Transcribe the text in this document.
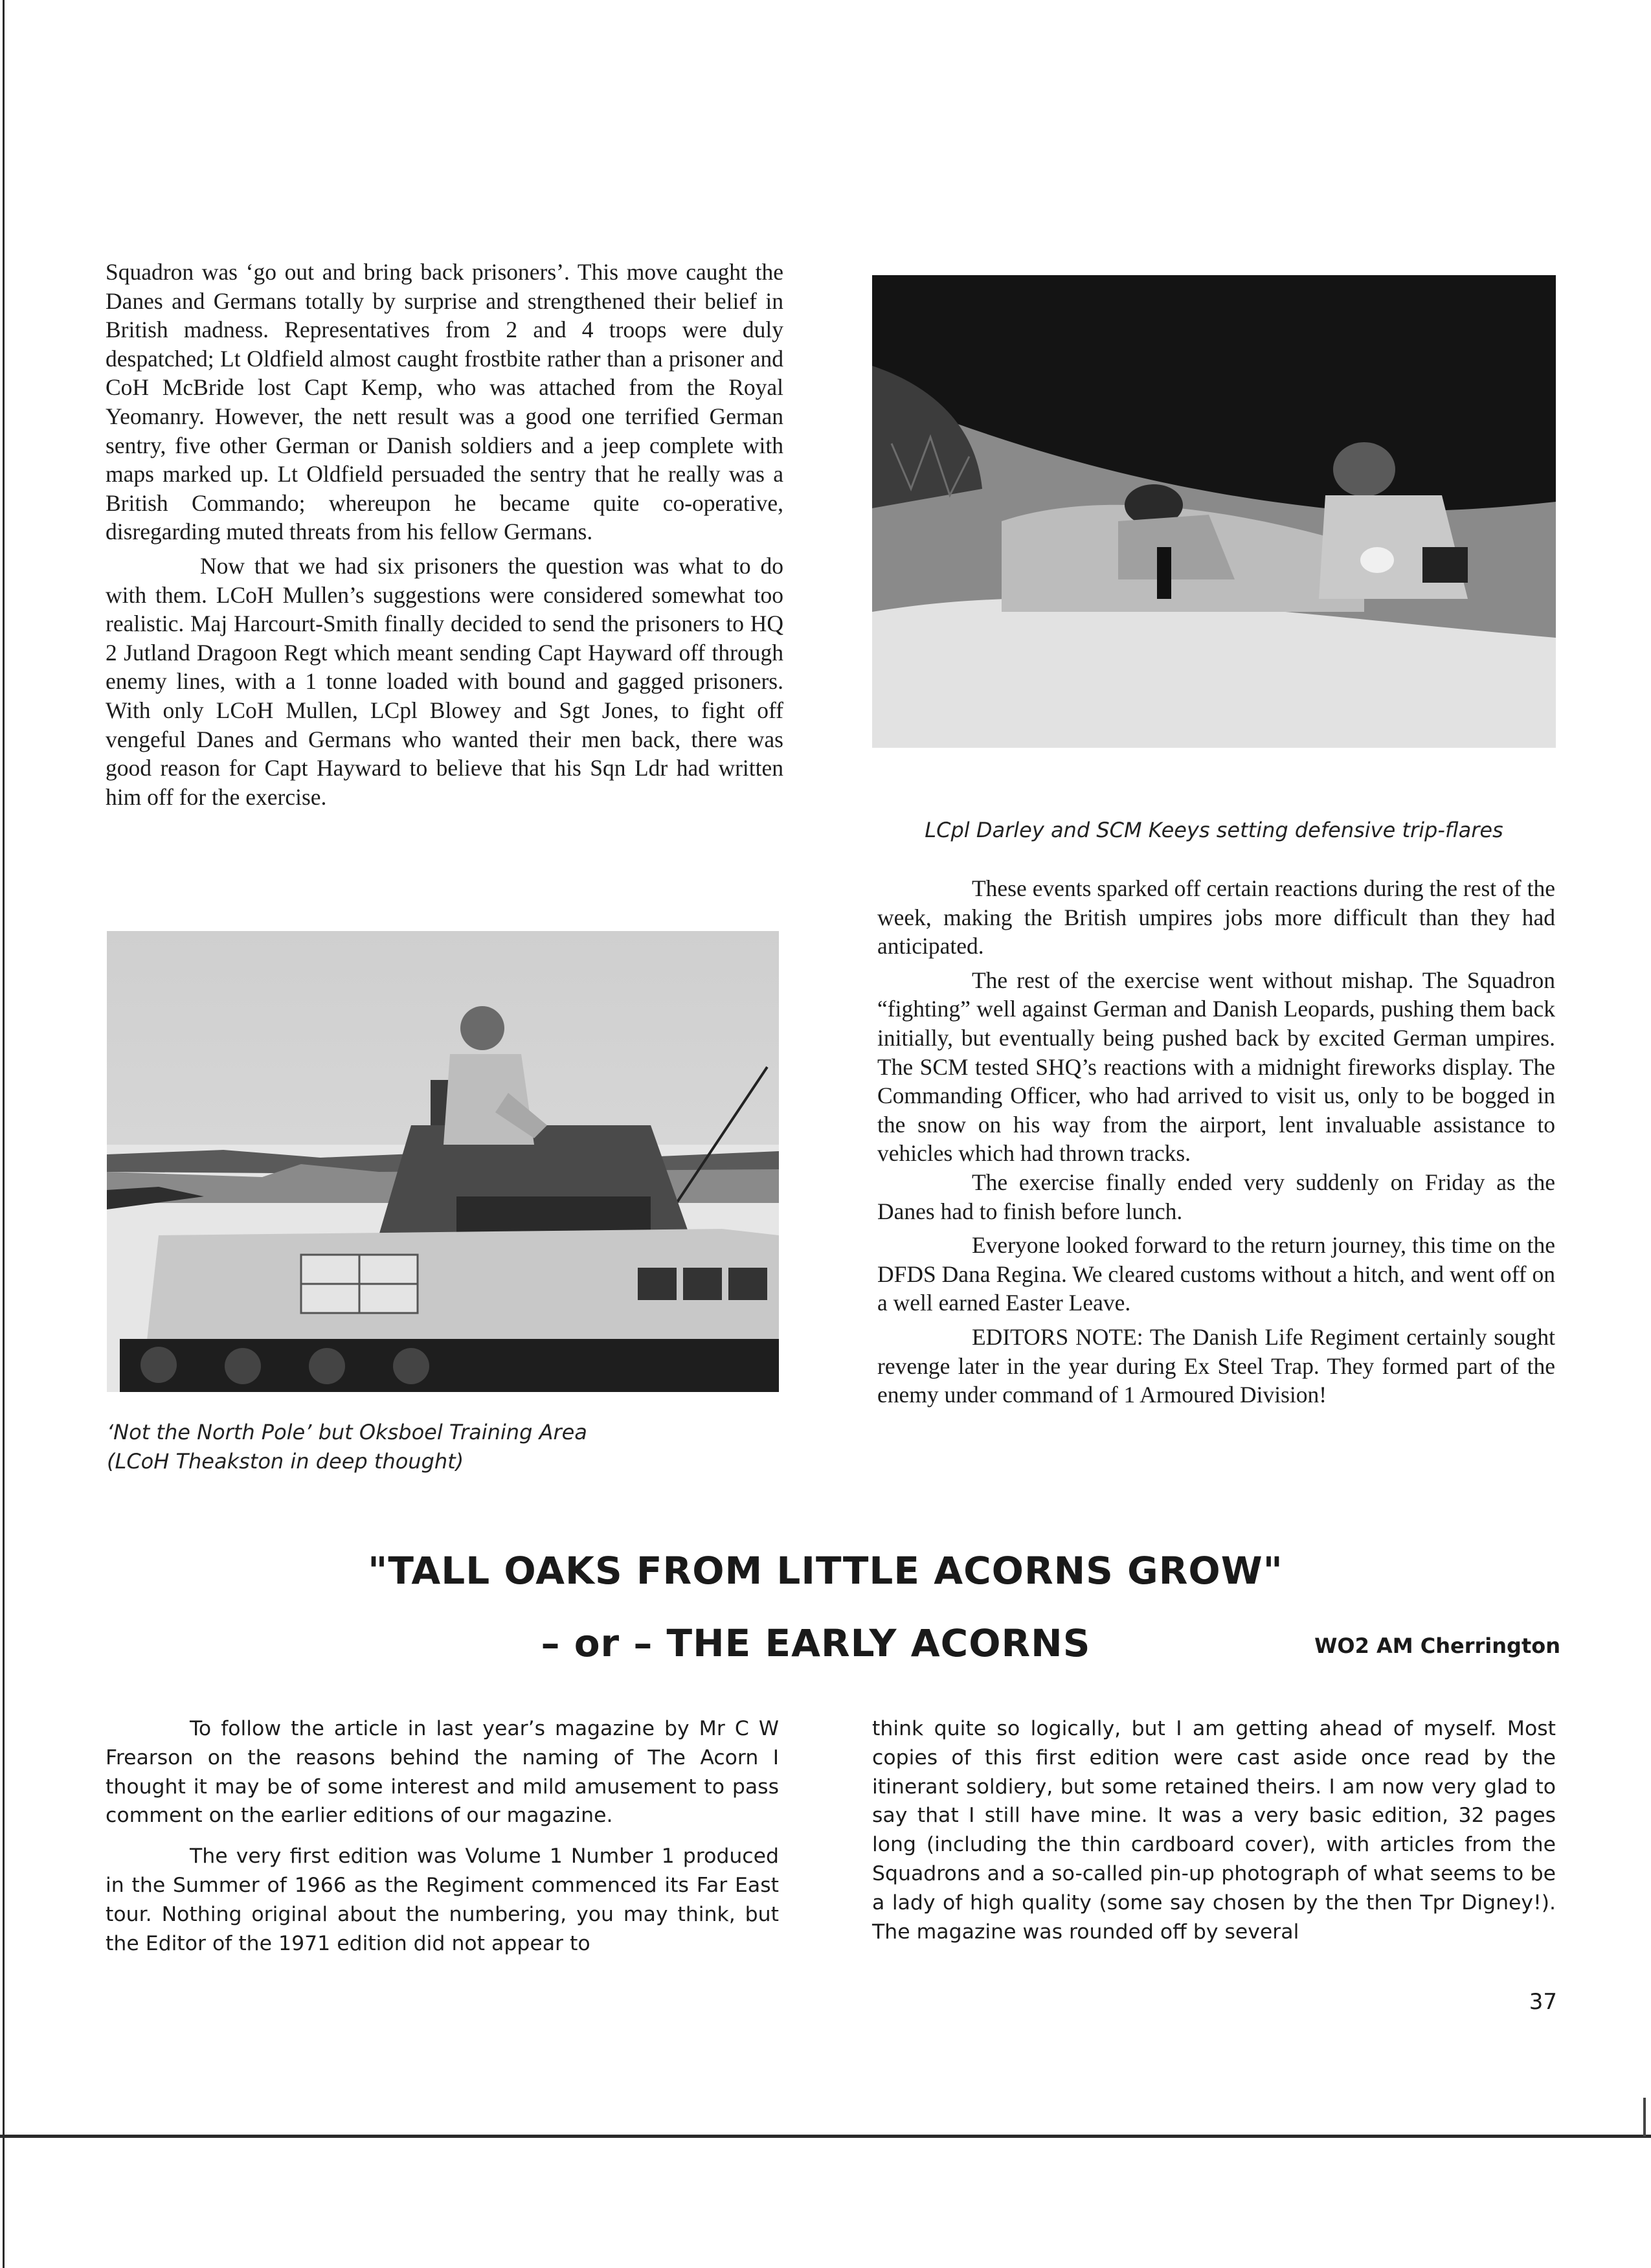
Squadron was ‘go out and bring back prisoners’. This move caught the Danes and Germans totally by surprise and strengthened their belief in British madness. Representatives from 2 and 4 troops were duly despatched; Lt Oldfield almost caught frostbite rather than a prisoner and CoH McBride lost Capt Kemp, who was attached from the Royal Yeomanry. However, the nett result was a good one terrified German sentry, five other German or Danish soldiers and a jeep complete with maps marked up. Lt Oldfield persuaded the sentry that he really was a British Commando; whereupon he became quite co-operative, disregarding muted threats from his fellow Germans.

Now that we had six prisoners the question was what to do with them. LCoH Mullen’s suggestions were considered somewhat too realistic. Maj Harcourt-Smith finally decided to send the prisoners to HQ 2 Jutland Dragoon Regt which meant sending Capt Hayward off through enemy lines, with a 1 tonne loaded with bound and gagged prisoners. With only LCoH Mullen, LCpl Blowey and Sgt Jones, to fight off vengeful Danes and Germans who wanted their men back, there was good reason for Capt Hayward to believe that his Sqn Ldr had written him off for the exercise.

‘Not the North Pole’ but Oksboel Training Area
(LCoH Theakston in deep thought)
LCpl Darley and SCM Keeys setting defensive trip-flares

These events sparked off certain reactions during the rest of the week, making the British umpires jobs more difficult than they had anticipated.

The rest of the exercise went without mishap. The Squadron “fighting” well against German and Danish Leopards, pushing them back initially, but eventually being pushed back by excited German umpires. The SCM tested SHQ’s reactions with a midnight fireworks display. The Commanding Officer, who had arrived to visit us, only to be bogged in the snow on his way from the airport, lent invaluable assistance to vehicles which had thrown tracks.

The exercise finally ended very suddenly on Friday as the Danes had to finish before lunch.

Everyone looked forward to the return journey, this time on the DFDS Dana Regina. We cleared customs without a hitch, and went off on a well earned Easter Leave.

EDITORS NOTE: The Danish Life Regiment certainly sought revenge later in the year during Ex Steel Trap. They formed part of the enemy under command of 1 Armoured Division!

"TALL OAKS FROM LITTLE ACORNS GROW"
– or – THE EARLY ACORNS	WO2 AM Cherrington

To follow the article in last year’s magazine by Mr C W Frearson on the reasons behind the naming of The Acorn I thought it may be of some interest and mild amusement to pass comment on the earlier editions of our magazine.

The very first edition was Volume 1 Number 1 produced in the Summer of 1966 as the Regiment commenced its Far East tour. Nothing original about the numbering, you may think, but the Editor of the 1971 edition did not appear to

think quite so logically, but I am getting ahead of myself. Most copies of this first edition were cast aside once read by the itinerant soldiery, but some retained theirs. I am now very glad to say that I still have mine. It was a very basic edition, 32 pages long (including the thin cardboard cover), with articles from the Squadrons and a so-called pin-up photograph of what seems to be a lady of high quality (some say chosen by the then Tpr Digney!). The magazine was rounded off by several

37
